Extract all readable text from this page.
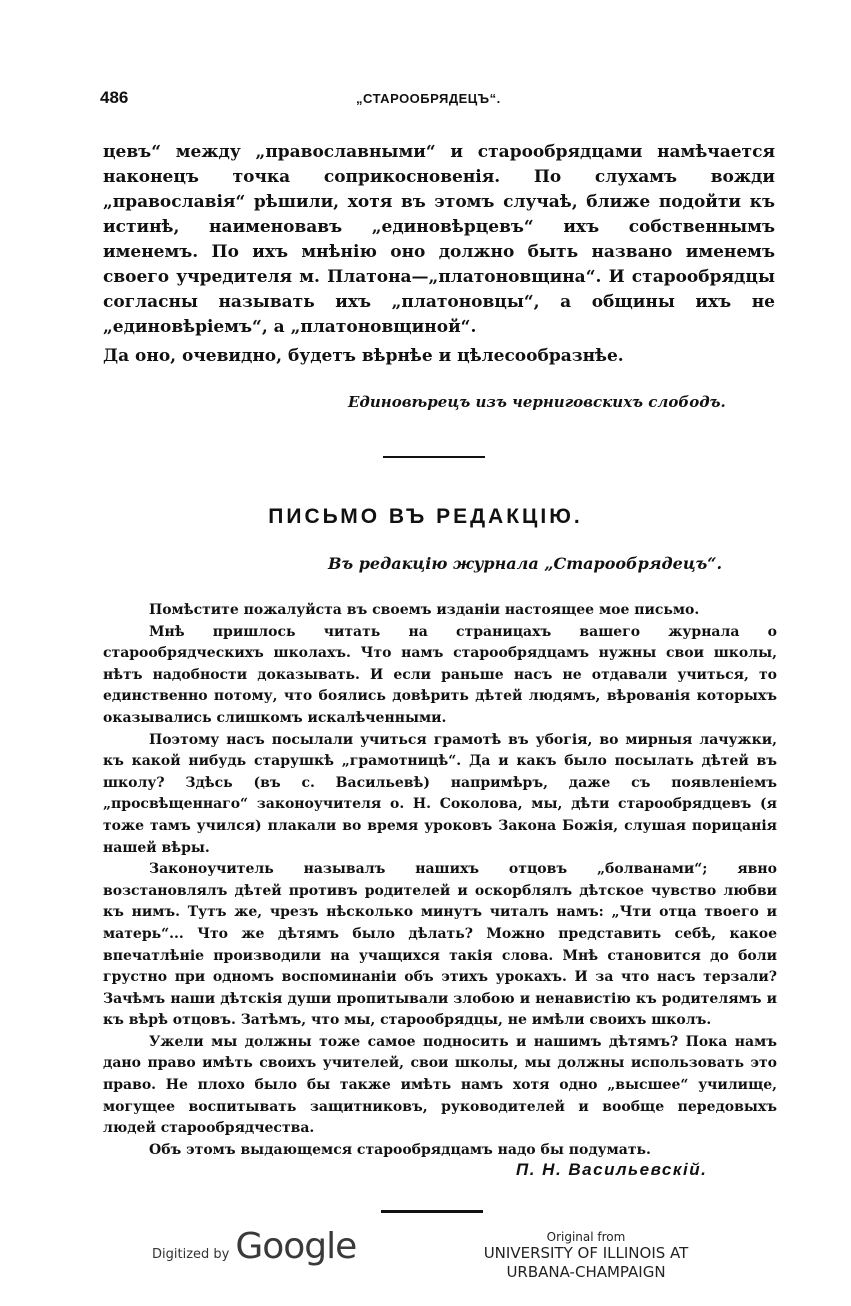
486	„СТАРООБРЯДЕЦЪ“.

цевъ“ между „православными“ и старообрядцами намѣчается наконецъ точка соприкосновенія. По слухамъ вожди „православія“ рѣшили, хотя въ этомъ случаѣ, ближе подойти къ истинѣ, наименовавъ „единовѣрцевъ“ ихъ собственнымъ именемъ. По ихъ мнѣнію оно должно быть названо именемъ своего учредителя м. Платона—„платоновщина“. И старообрядцы согласны называть ихъ „платоновцы“, а общины ихъ не „единовѣріемъ“, а „платоновщиной“.

Да оно, очевидно, будетъ вѣрнѣе и цѣлесообразнѣе.
Единовѣрецъ изъ черниговскихъ слободъ.
ПИСЬМО ВЪ РЕДАКЦІЮ.
Въ редакцію журнала „Старообрядецъ“.

Помѣстите пожалуйста въ своемъ изданіи настоящее мое письмо.

Мнѣ пришлось читать на страницахъ вашего журнала о старообрядческихъ школахъ. Что намъ старообрядцамъ нужны свои школы, нѣтъ надобности доказывать. И если раньше насъ не отдавали учиться, то единственно потому, что боялись довѣрить дѣтей людямъ, вѣрованія которыхъ оказывались слишкомъ искалѣченными.

Поэтому насъ посылали учиться грамотѣ въ убогія, во мирныя лачужки, къ какой нибудь старушкѣ „грамотницѣ“. Да и какъ было посылать дѣтей въ школу? Здѣсь (въ с. Васильевѣ) напримѣръ, даже съ появленіемъ „просвѣщеннаго“ законоучителя о. Н. Соколова, мы, дѣти старообрядцевъ (я тоже тамъ учился) плакали во время уроковъ Закона Божія, слушая порицанія нашей вѣры.

Законоучитель называлъ нашихъ отцовъ „болванами“; явно возстановлялъ дѣтей противъ родителей и оскорблялъ дѣтское чувство любви къ нимъ. Тутъ же, чрезъ нѣсколько минутъ читалъ намъ: „Чти отца твоего и матерь“... Что же дѣтямъ было дѣлать? Можно представить себѣ, какое впечатлѣніе производили на учащихся такія слова. Мнѣ становится до боли грустно при одномъ воспоминаніи объ этихъ урокахъ. И за что насъ терзали? Зачѣмъ наши дѣтскія души пропитывали злобою и ненавистію къ родителямъ и къ вѣрѣ отцовъ. Затѣмъ, что мы, старообрядцы, не имѣли своихъ школъ.

Ужели мы должны тоже самое подносить и нашимъ дѣтямъ? Пока намъ дано право имѣть своихъ учителей, свои школы, мы должны использовать это право. Не плохо было бы также имѣть намъ хотя одно „высшее“ училище, могущее воспитывать защитниковъ, руководителей и вообще передовыхъ людей старообрядчества.

Объ этомъ выдающемся старообрядцамъ надо бы подумать.

П. Н. Васильевскій.
Digitized by Google	Original from
UNIVERSITY OF ILLINOIS AT
URBANA-CHAMPAIGN
